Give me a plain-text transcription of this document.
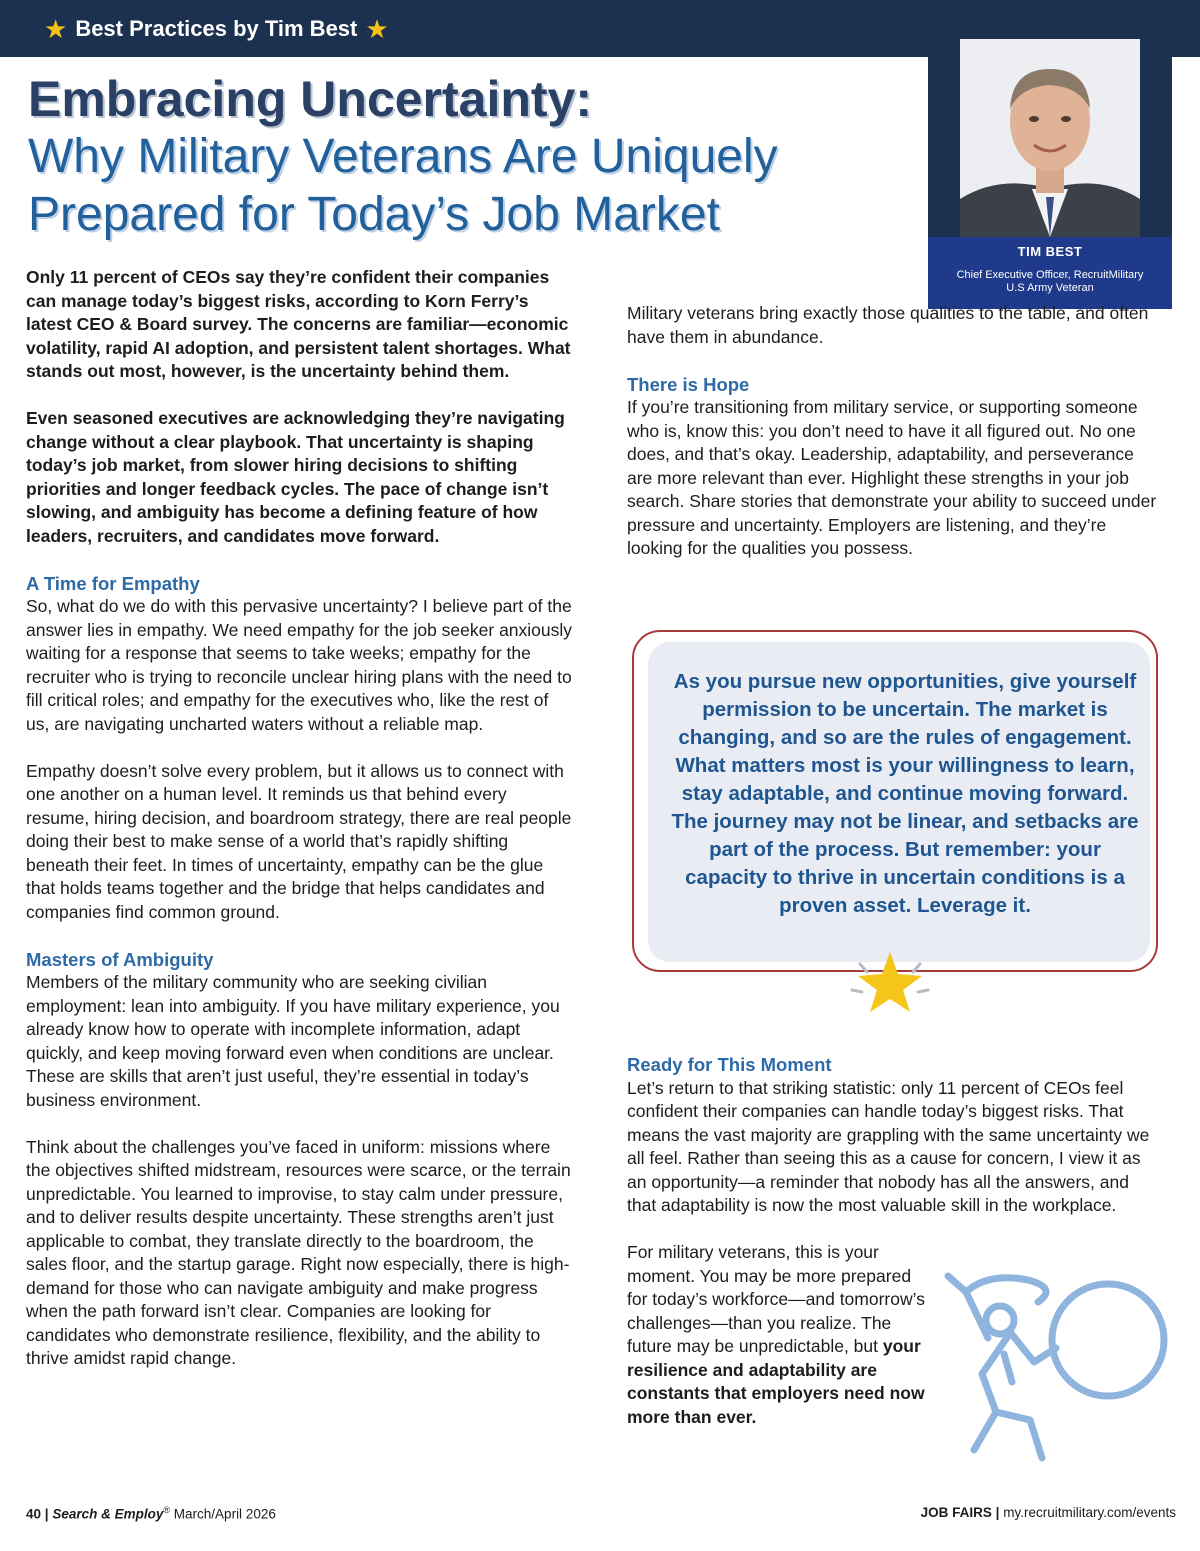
★ Best Practices by Tim Best ★
Embracing Uncertainty:
Why Military Veterans Are Uniquely
Prepared for Today’s Job Market
TIM BEST
Chief Executive Officer, RecruitMilitary
U.S Army Veteran

Only 11 percent of CEOs say they’re confident their companies can manage today’s biggest risks, according to Korn Ferry’s latest CEO & Board survey. The concerns are familiar—economic volatility, rapid AI adoption, and persistent talent shortages. What stands out most, however, is the uncertainty behind them.

Even seasoned executives are acknowledging they’re navigating change without a clear playbook. That uncertainty is shaping today’s job market, from slower hiring decisions to shifting priorities and longer feedback cycles. The pace of change isn’t slowing, and ambiguity has become a defining feature of how leaders, recruiters, and candidates move forward.

A Time for Empathy

So, what do we do with this pervasive uncertainty? I believe part of the answer lies in empathy. We need empathy for the job seeker anxiously waiting for a response that seems to take weeks; empathy for the recruiter who is trying to reconcile unclear hiring plans with the need to fill critical roles; and empathy for the executives who, like the rest of us, are navigating uncharted waters without a reliable map.

Empathy doesn’t solve every problem, but it allows us to connect with one another on a human level. It reminds us that behind every resume, hiring decision, and boardroom strategy, there are real people doing their best to make sense of a world that’s rapidly shifting beneath their feet. In times of uncertainty, empathy can be the glue that holds teams together and the bridge that helps candidates and companies find common ground.

Masters of Ambiguity

Members of the military community who are seeking civilian employment: lean into ambiguity. If you have military experience, you already know how to operate with incomplete information, adapt quickly, and keep moving forward even when conditions are unclear. These are skills that aren’t just useful, they’re essential in today’s business environment.

Think about the challenges you’ve faced in uniform: missions where the objectives shifted midstream, resources were scarce, or the terrain unpredictable. You learned to improvise, to stay calm under pressure, and to deliver results despite uncertainty. These strengths aren’t just applicable to combat, they translate directly to the boardroom, the sales floor, and the startup garage. Right now especially, there is high-demand for those who can navigate ambiguity and make progress when the path forward isn’t clear. Companies are looking for candidates who demonstrate resilience, flexibility, and the ability to thrive amidst rapid change.

Military veterans bring exactly those qualities to the table, and often have them in abundance.

There is Hope

If you’re transitioning from military service, or supporting someone who is, know this: you don’t need to have it all figured out. No one does, and that’s okay. Leadership, adaptability, and perseverance are more relevant than ever. Highlight these strengths in your job search. Share stories that demonstrate your ability to succeed under pressure and uncertainty. Employers are listening, and they’re looking for the qualities you possess.

As you pursue new opportunities, give yourself permission to be uncertain. The market is changing, and so are the rules of engagement. What matters most is your willingness to learn, stay adaptable, and continue moving forward. The journey may not be linear, and setbacks are part of the process. But remember: your capacity to thrive in uncertain conditions is a proven asset. Leverage it.
Ready for This Moment

Let’s return to that striking statistic: only 11 percent of CEOs feel confident their companies can handle today’s biggest risks. That means the vast majority are grappling with the same uncertainty we all feel. Rather than seeing this as a cause for concern, I view it as an opportunity—a reminder that nobody has all the answers, and that adaptability is now the most valuable skill in the workplace.

For military veterans, this is your moment. You may be more prepared for today’s workforce—and tomorrow’s challenges—than you realize. The future may be unpredictable, but your resilience and adaptability are constants that employers need now more than ever.

40 | Search & Employ® March/April 2026	JOB FAIRS | my.recruitmilitary.com/events
